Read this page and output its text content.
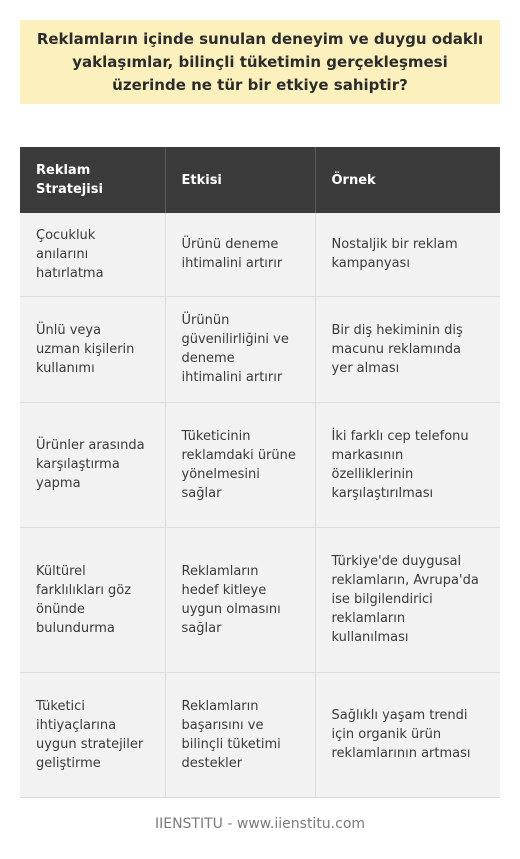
Reklamların içinde sunulan deneyim ve duygu odaklı yaklaşımlar, bilinçli tüketimin gerçekleşmesi üzerinde ne tür bir etkiye sahiptir?
Reklam Stratejisi	Etkisi	Örnek
Çocukluk anılarını hatırlatma	Ürünü deneme ihtimalini artırır	Nostaljik bir reklam kampanyası
Ünlü veya uzman kişilerin kullanımı	Ürünün güvenilirliğini ve deneme ihtimalini artırır	Bir diş hekiminin diş macunu reklamında yer alması
Ürünler arasında karşılaştırma yapma	Tüketicinin reklamdaki ürüne yönelmesini sağlar	İki farklı cep telefonu markasının özelliklerinin karşılaştırılması
Kültürel farklılıkları göz önünde bulundurma	Reklamların hedef kitleye uygun olmasını sağlar	Türkiye'de duygusal reklamların, Avrupa'da ise bilgilendirici reklamların kullanılması
Tüketici ihtiyaçlarına uygun stratejiler geliştirme	Reklamların başarısını ve bilinçli tüketimi destekler	Sağlıklı yaşam trendi için organik ürün reklamlarının artması
IIENSTITU - www.iienstitu.com
